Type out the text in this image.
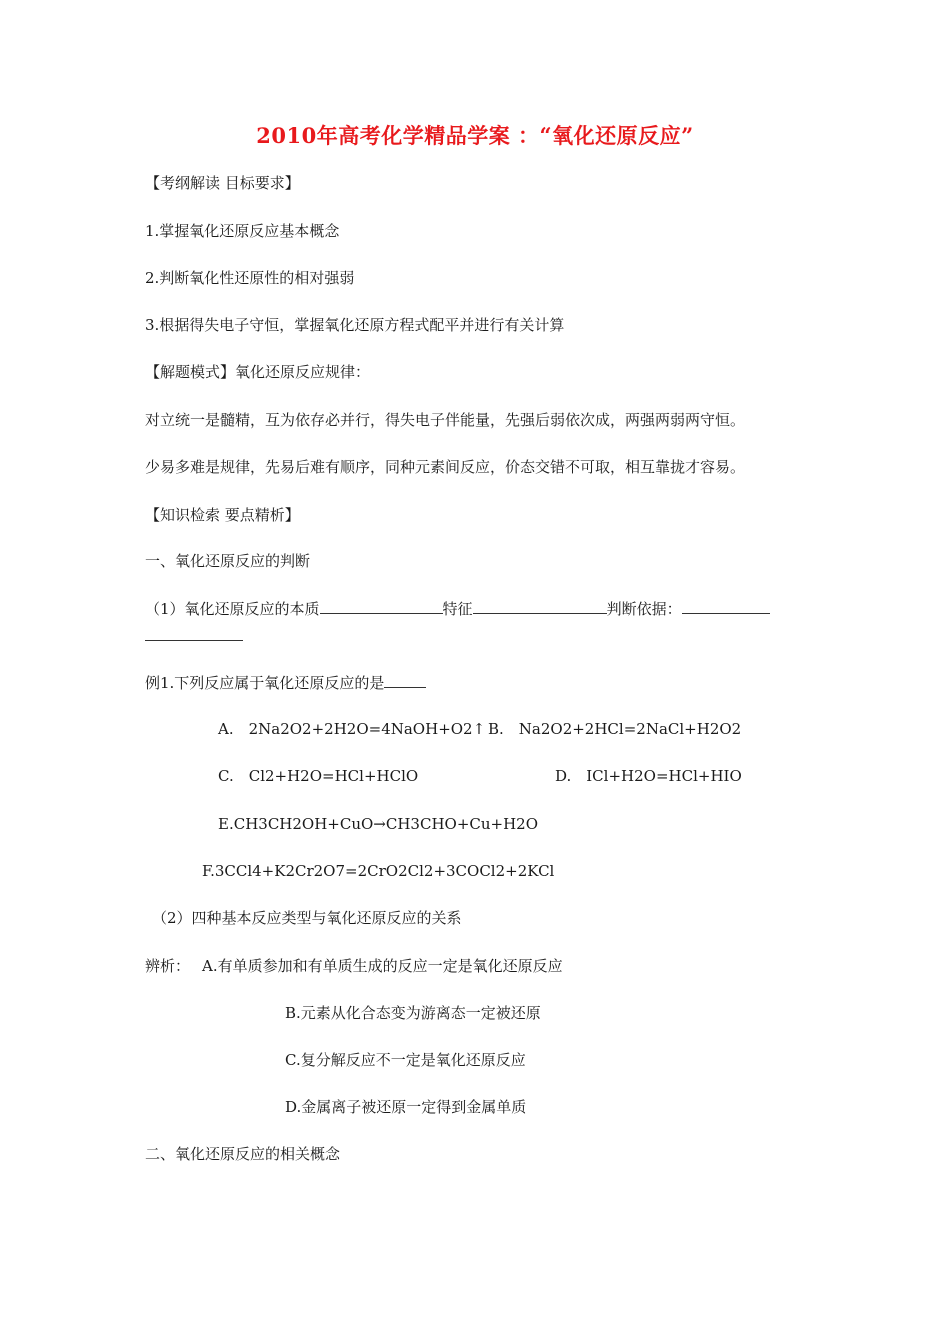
2010年高考化学精品学案 ：“氧化还原反应”
【考纲解读 目标要求】
1.掌握氧化还原反应基本概念
2.判断氧化性还原性的相对强弱
3.根据得失电子守恒，掌握氧化还原方程式配平并进行有关计算
【解题模式】氧化还原反应规律：
对立统一是髓精，互为依存必并行，得失电子伴能量，先强后弱依次成，两强两弱两守恒。
少易多难是规律，先易后难有顺序，同种元素间反应，价态交错不可取，相互靠拢才容易。
【知识检索 要点精析】
一、氧化还原反应的判断
（1）氧化还原反应的本质	特征	判断依据：
例1.下列反应属于氧化还原反应的是
A.　2Na2O2+2H2O=4NaOH+O2↑ B.　Na2O2+2HCl=2NaCl+H2O2
C.　Cl2+H2O=HCl+HClO	D.　ICl+H2O=HCl+HIO
E.CH3CH2OH+CuO→CH3CHO+Cu+H2O
F.3CCl4+K2Cr2O7=2CrO2Cl2+3COCl2+2KCl
（2）四种基本反应类型与氧化还原反应的关系
辨析： A.有单质参加和有单质生成的反应一定是氧化还原反应
B.元素从化合态变为游离态一定被还原
C.复分解反应不一定是氧化还原反应
D.金属离子被还原一定得到金属单质
二、氧化还原反应的相关概念
